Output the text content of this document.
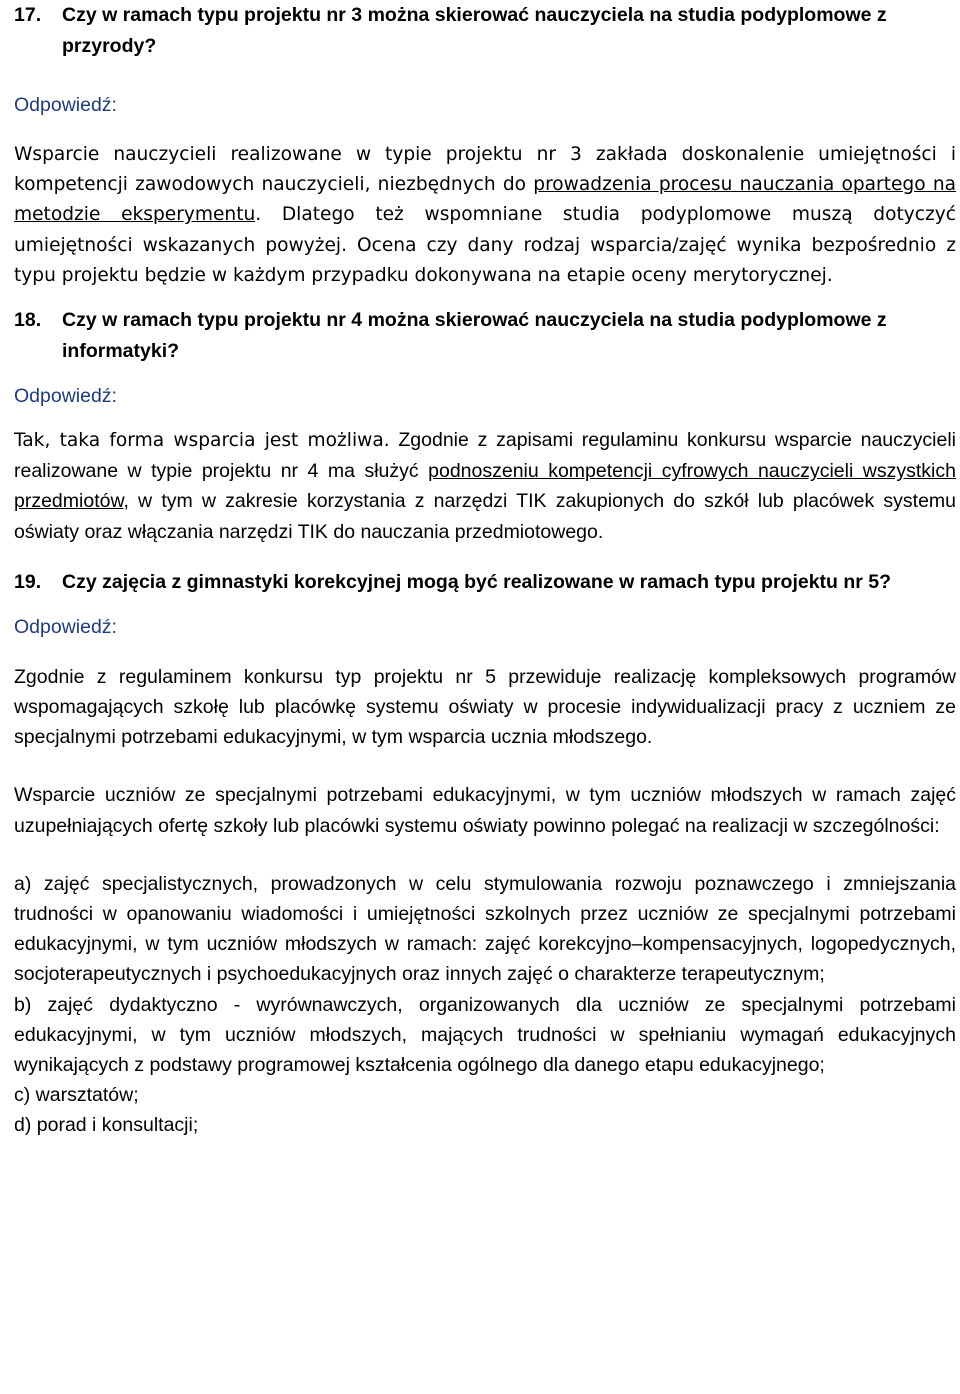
17.	Czy w ramach typu projektu nr 3 można skierować nauczyciela na studia podyplomowe z przyrody?
Odpowiedź:

Wsparcie nauczycieli realizowane w typie projektu nr 3 zakłada doskonalenie umiejętności i kompetencji zawodowych nauczycieli, niezbędnych do prowadzenia procesu nauczania opartego na metodzie eksperymentu. Dlatego też wspomniane studia podyplomowe muszą dotyczyć umiejętności wskazanych powyżej. Ocena czy dany rodzaj wsparcia/zajęć wynika bezpośrednio z typu projektu będzie w każdym przypadku dokonywana na etapie oceny merytorycznej.

18.	Czy w ramach typu projektu nr 4 można skierować nauczyciela na studia podyplomowe z informatyki?
Odpowiedź:

Tak, taka forma wsparcia jest możliwa. Zgodnie z zapisami regulaminu konkursu wsparcie nauczycieli realizowane w typie projektu nr 4 ma służyć podnoszeniu kompetencji cyfrowych nauczycieli wszystkich przedmiotów, w tym w zakresie korzystania z narzędzi TIK zakupionych do szkół lub placówek systemu oświaty oraz włączania narzędzi TIK do nauczania przedmiotowego.

19.	Czy zajęcia z gimnastyki korekcyjnej mogą być realizowane w ramach typu projektu nr 5?
Odpowiedź:

Zgodnie z regulaminem konkursu typ projektu nr 5 przewiduje realizację kompleksowych programów wspomagających szkołę lub placówkę systemu oświaty w procesie indywidualizacji pracy z uczniem ze specjalnymi potrzebami edukacyjnymi, w tym wsparcia ucznia młodszego.

Wsparcie uczniów ze specjalnymi potrzebami edukacyjnymi, w tym uczniów młodszych w ramach zajęć uzupełniających ofertę szkoły lub placówki systemu oświaty powinno polegać na realizacji w szczególności:

a) zajęć specjalistycznych, prowadzonych w celu stymulowania rozwoju poznawczego i zmniejszania trudności w opanowaniu wiadomości i umiejętności szkolnych przez uczniów ze specjalnymi potrzebami edukacyjnymi, w tym uczniów młodszych w ramach: zajęć korekcyjno–kompensacyjnych, logopedycznych, socjoterapeutycznych i psychoedukacyjnych oraz innych zajęć o charakterze terapeutycznym;

b) zajęć dydaktyczno - wyrównawczych, organizowanych dla uczniów ze specjalnymi potrzebami edukacyjnymi, w tym uczniów młodszych, mających trudności w spełnianiu wymagań edukacyjnych wynikających z podstawy programowej kształcenia ogólnego dla danego etapu edukacyjnego;

c) warsztatów;

d) porad i konsultacji;
